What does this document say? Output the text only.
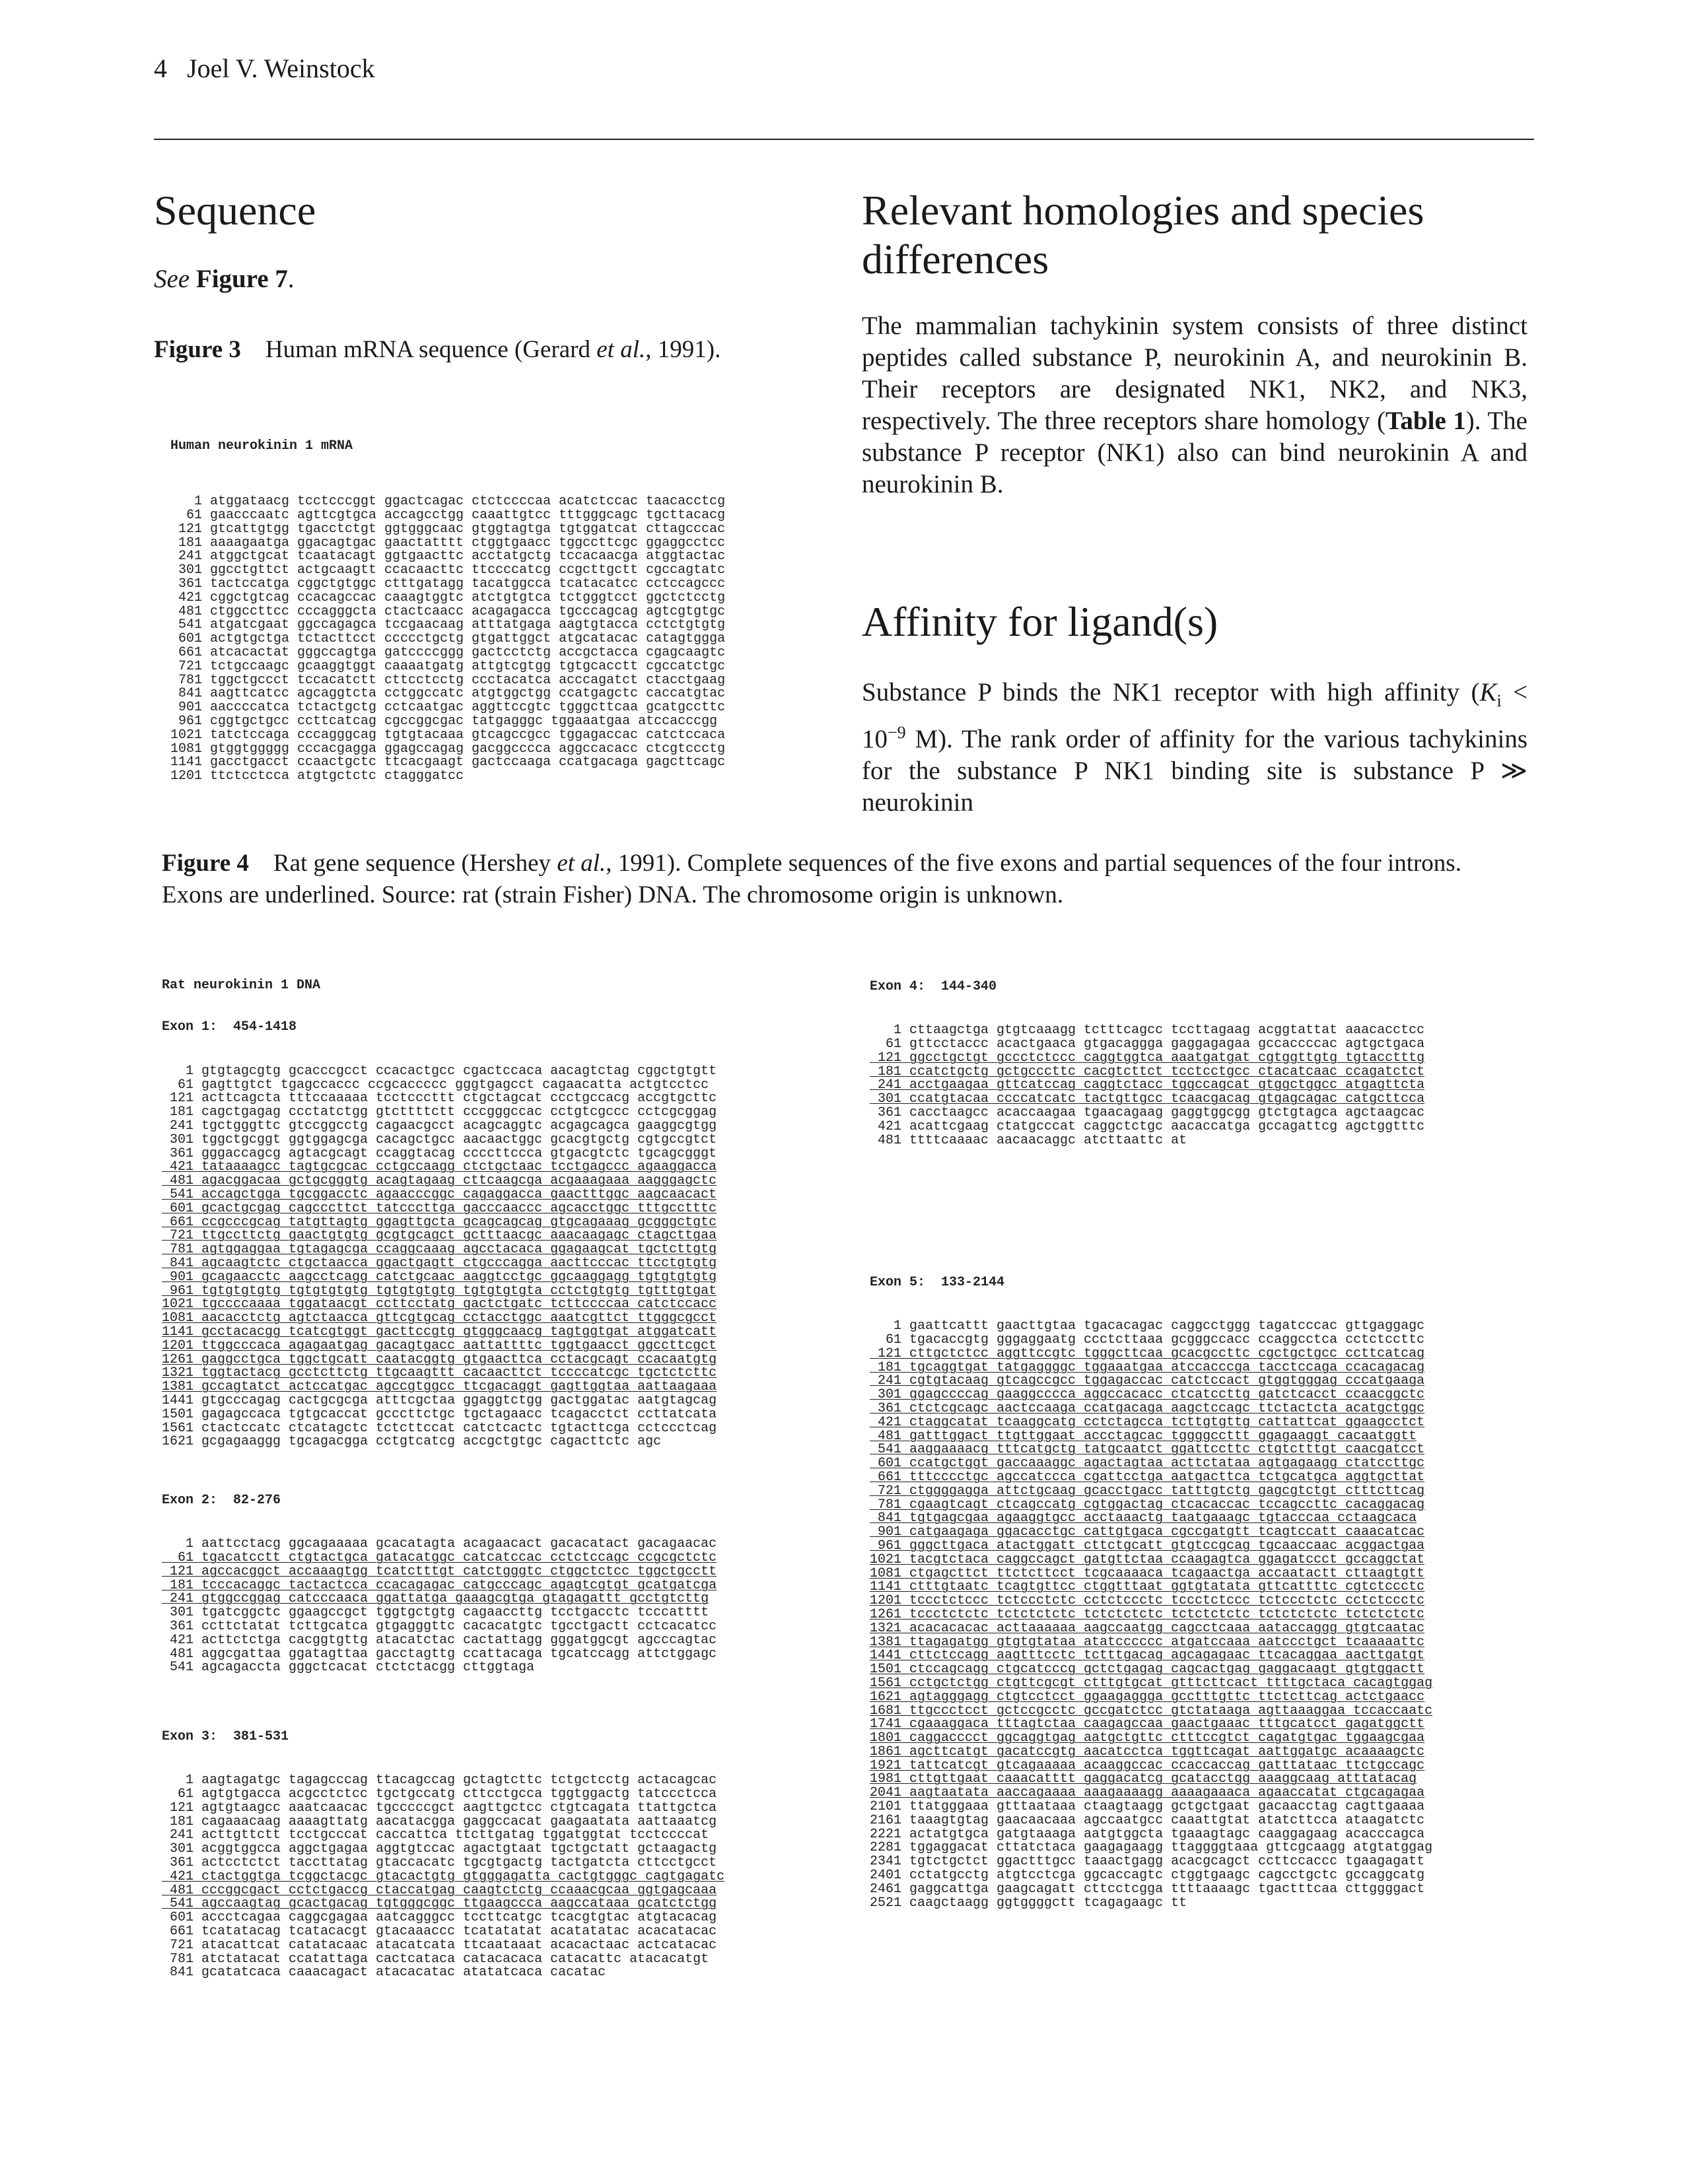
4   Joel V. Weinstock
Sequence
See Figure 7.
Figure 3 Human mRNA sequence (Gerard et al., 1991).

Human neurokinin 1 mRNA

1 atggataacg tcctcccggt ggactcagac ctctccccaa acatctccac taacacctcg
61 gaacccaatc agttcgtgca accagcctgg caaattgtcc tttgggcagc tgcttacacg
121 gtcattgtgg tgacctctgt ggtgggcaac gtggtagtga tgtggatcat cttagcccac
181 aaaagaatga ggacagtgac gaactatttt ctggtgaacc tggccttcgc ggaggcctcc
241 atggctgcat tcaatacagt ggtgaacttc acctatgctg tccacaacga atggtactac
301 ggcctgttct actgcaagtt ccacaacttc ttccccatcg ccgcttgctt cgccagtatc
361 tactccatga cggctgtggc ctttgatagg tacatggcca tcatacatcc cctccagccc
421 cggctgtcag ccacagccac caaagtggtc atctgtgtca tctgggtcct ggctctcctg
481 ctggccttcc cccagggcta ctactcaacc acagagacca tgcccagcag agtcgtgtgc
541 atgatcgaat ggccagagca tccgaacaag atttatgaga aagtgtacca cctctgtgtg
601 actgtgctga tctacttcct ccccctgctg gtgattggct atgcatacac catagtggga
661 atcacactat gggccagtga gatccccggg gactcctctg accgctacca cgagcaagtc
721 tctgccaagc gcaaggtggt caaaatgatg attgtcgtgg tgtgcacctt cgccatctgc
781 tggctgccct tccacatctt cttcctcctg ccctacatca acccagatct ctacctgaag
841 aagttcatcc agcaggtcta cctggccatc atgtggctgg ccatgagctc caccatgtac
901 aaccccatca tctactgctg cctcaatgac aggttccgtc tgggcttcaa gcatgccttc
961 cggtgctgcc ccttcatcag cgccggcgac tatgagggc tggaaatgaa atccacccgg
1021 tatctccaga cccagggcag tgtgtacaaa gtcagccgcc tggagaccac catctccaca
1081 gtggtggggg cccacgagga ggagccagag gacggcccca aggccacacc ctcgtccctg
1141 gacctgacct ccaactgctc ttcacgaagt gactccaaga ccatgacaga gagcttcagc
1201 ttctcctcca atgtgctctc ctagggatcc

Relevant homologies and species differences

The mammalian tachykinin system consists of three distinct peptides called substance P, neurokinin A, and neurokinin B. Their receptors are designated NK1, NK2, and NK3, respectively. The three receptors share homology (Table 1). The substance P receptor (NK1) also can bind neurokinin A and neurokinin B.

Affinity for ligand(s)

Substance P binds the NK1 receptor with high affinity ($K_i < 10^{-9}$ M). The rank order of affinity for the various tachykinins for the substance P NK1 binding site is substance P ≫ neurokinin

Figure 4 Rat gene sequence (Hershey et al., 1991). Complete sequences of the five exons and partial sequences of the four introns. Exons are underlined. Source: rat (strain Fisher) DNA. The chromosome origin is unknown.

Rat neurokinin 1 DNA

Exon 1:  454-1418

1 gtgtagcgtg gcacccgcct ccacactgcc cgactccaca aacagtctag cggctgtgtt
61 gagttgtct tgagccaccc ccgcaccccc gggtgagcct cagaacatta actgtcctcc
121 acttcagcta tttccaaaaa tcctcccttt ctgctagcat ccctgccacg accgtgcttc
181 cagctgagag ccctatctgg gtcttttctt cccgggccac cctgtcgccc cctcgcggag
241 tgctgggttc gtccggcctg cagaacgcct acagcaggtc acgagcagca gaaggcgtgg
301 tggctgcggt ggtggagcga cacagctgcc aacaactggc gcacgtgctg cgtgccgtct
361 gggaccagcg agtacgcagt ccaggtacag ccccttccca gtgacgtctc tgcagcgggt
421 tataaaagcc tagtgcgcac cctgccaagg ctctgctaac tcctgagccc agaaggacca
481 agacggacaa gctgcgggtg acagtagaag cttcaagcga acgaaagaaa aagggagctc
541 accagctgga tgcggacctc agaacccggc cagaggacca gaactttggc aagcaacact
601 gcactgcgag cagcccttct tatcccttga gacccaaccc agcacctggc tttgcctttc
661 ccgcccgcag tatgttagtg ggagttgcta gcagcagcag gtgcagaaag gcgggctgtc
721 ttgccttctg gaactgtgtg gcgtgcagct gctttaacgc aaacaagagc ctagcttgaa
781 agtggaggaa tgtagagcga ccaggcaaag agcctacaca ggagaagcat tgctcttgtg
841 agcaagtctc ctgctaacca ggactgagtt ctgcccagga aacttcccac ttcctgtgtg
901 gcagaacctc aagcctcagg catctgcaac aaggtcctgc ggcaaggagg tgtgtgtgtg
961 tgtgtgtgtg tgtgtgtgtg tgtgtgtgtg tgtgtgtgta cctctgtgtg tgtttgtgat
1021 tgccccaaaa tggataacgt ccttcctatg gactctgatc tcttccccaa catctccacc
1081 aacacctctg agtctaacca gttcgtgcag cctacctggc aaatcgttct ttgggcgcct
1141 gcctacacgg tcatcgtggt gacttccgtg gtgggcaacg tagtggtgat atggatcatt
1201 ttggcccaca agagaatgag gacagtgacc aattattttc tggtgaacct ggccttcgct
1261 gaggcctgca tggctgcatt caatacggtg gtgaacttca cctacgcagt ccacaatgtg
1321 tggtactacg gcctcttctg ttgcaagttt cacaacttct tccccatcgc tgctctcttc
1381 gccagtatct actccatgac agccgtggcc ttcgacaggt gagttggtaa aattaagaaa
1441 gtgcccagag cactgcgcga atttcgctaa ggaggtctgg gactggatac aatgtagcag
1501 gagagccaca tgtgcaccat gcccttctgc tgctagaacc tcagacctct ccttatcata
1561 ctactccatc ctcatagctc tctcttccat catctcactc tgtacttcga cctccctcag
1621 gcgagaaggg tgcagacgga cctgtcatcg accgctgtgc cagacttctc agc

Exon 2:  82-276

1 aattcctacg ggcagaaaaa gcacatagta acagaacact gacacatact gacagaacac
61 tgacatcctt ctgtactgca gatacatggc catcatccac cctctccagc ccgcgctctc
121 agccacggct accaaagtgg tcatctttgt catctgggtc ctggctctcc tggctgcctt
181 tcccacaggc tactactcca ccacagagac catgcccagc agagtcgtgt gcatgatcga
241 gtggccggag catcccaaca ggattatga gaaagcgtga gtagagattt gcctgtcttg
301 tgatcggctc ggaagccgct tggtgctgtg cagaaccttg tcctgacctc tcccatttt
361 ccttctatat tcttgcatca gtgagggttc cacacatgtc tgcctgactt cctcacatcc
421 acttctctga cacggtgttg atacatctac cactattagg gggatggcgt agcccagtac
481 aggcgattaa ggatagttaa gacctagttg ccattacaga tgcatccagg attctggagc
541 agcagaccta gggctcacat ctctctacgg cttggtaga

Exon 3:  381-531

1 aagtagatgc tagagcccag ttacagccag gctagtcttc tctgctcctg actacagcac
61 agtgtgacca acgcctctcc tgctgccatg cttcctgcca tggtggactg tatccctcca
121 agtgtaagcc aaatcaacac tgcccccgct aagttgctcc ctgtcagata ttattgctca
181 cagaaacaag aaaagttatg aacatacgga gaggccacat gaagaatata aattaaatcg
241 acttgttctt tcctgcccat caccattca ttcttgatag tggatggtat tcctccccat
301 acggtggcca aggctgagaa aggtgtccac agactgtaat tgctgctatt gctaagactg
361 actcctctct taccttatag gtaccacatc tgcgtgactg tactgatcta cttcctgcct
421 ctactggtga tcggctacgc gtacactgtg gtgggagatta cactgtgggc cagtgagatc
481 cccggcgact cctctgaccg ctaccatgag caagtctctg ccaaacgcaa ggtgagcaaa
541 agccaagtag gcactgacag tgtgggcggc ttgaagccca aagccataaa gcatctctgg
601 accctcagaa caggcgagaa aatcagggcc tccttcatgc tcacgtgtac atgtacacag
661 tcatatacag tcatacacgt gtacaaaccc tcatatatat acatatatac acacatacac
721 atacattcat catatacaac atacatcata ttcaataaat acacactaac actcatacac
781 atctatacat ccatattaga cactcataca catacacaca catacattc atacacatgt
841 gcatatcaca caaacagact atacacatac atatatcaca cacatac

Exon 4:  144-340

1 cttaagctga gtgtcaaagg tctttcagcc tccttagaag acggtattat aaacacctcc
61 gttcctaccc acactgaaca gtgacaggga gaggagagaa gccaccccac agtgctgaca
121 ggcctgctgt gccctctccc caggtggtca aaatgatgat cgtggttgtg tgtacctttg
181 ccatctgctg gctgcccttc cacgtcttct tcctcctgcc ctacatcaac ccagatctct
241 acctgaagaa gttcatccag caggtctacc tggccagcat gtggctggcc atgagttcta
301 ccatgtacaa ccccatcatc tactgttgcc tcaacgacag gtgagcagac catgcttcca
361 cacctaagcc acaccaagaa tgaacagaag gaggtggcgg gtctgtagca agctaagcac
421 acattcgaag ctatgcccat caggctctgc aacaccatga gccagattcg agctggtttc
481 ttttcaaaac aacaacaggc atcttaattc at

Exon 5:  133-2144

1 gaattcattt gaacttgtaa tgacacagac caggcctggg tagatcccac gttgaggagc
61 tgacaccgtg gggaggaatg ccctcttaaa gcgggccacc ccaggcctca cctctccttc
121 cttgctctcc aggttccgtc tgggcttcaa gcacgccttc cgctgctgcc ccttcatcag
181 tgcaggtgat tatgaggggc tggaaatgaa atccacccga tacctccaga ccacagacag
241 cgtgtacaag gtcagccgcc tggagaccac catctccact gtggtgggag cccatgaaga
301 ggagccccag gaaggcccca aggccacacc ctcatccttg gatctcacct ccaacggctc
361 ctctcgcagc aactccaaga ccatgacaga aagctccagc ttctactcta acatgctggc
421 ctaggcatat tcaaggcatg cctctagcca tcttgtgttg cattattcat ggaagcctct
481 gatttggact ttgttggaat accctagcac tggggccttt ggagaaggt cacaatggtt
541 aaggaaaacg tttcatgctg tatgcaatct ggattccttc ctgtctttgt caacgatcct
601 ccatgctggt gaccaaaggc agactagtaa acttctataa agtgagaagg ctatccttgc
661 tttcccctgc agccatccca cgattcctga aatgacttca tctgcatgca aggtgcttat
721 ctggggagga attctgcaag gcacctgacc tatttgtctg gagcgtctgt ctttcttcag
781 cgaagtcagt ctcagccatg cgtggactag ctcacaccac tccagccttc cacaggacag
841 tgtgagcgaa agaaggtgcc acctaaactg taatgaaagc tgtacccaa cctaagcaca
901 catgaagaga ggacacctgc cattgtgaca cgccgatgtt tcagtccatt caaacatcac
961 gggcttgaca atactggatt cttctgcatt gtgtccgcag tgcaaccaac acggactgaa
1021 tacgtctaca caggccagct gatgttctaa ccaagagtca ggagatccct gccaggctat
1081 ctgagcttct ttctcttcct tcgcaaaaca tcagaactga accaatactt cttaagtgtt
1141 ctttgtaatc tcagtgttcc ctggtttaat ggtgtatata gttcattttc cgtctccctc
1201 tccctctccc tctccctctc cctctccctc tccctctccc tctccctctc cctctccctc
1261 tccctctctc tctctctctc tctctctctc tctctctctc tctctctctc tctctctctc
1321 acacacacac acttaaaaaa aagccaatgg cagcctcaaa aataccaggg gtgtcaatac
1381 ttagagatgg gtgtgtataa atatcccccc atgatccaaa aatccctgct tcaaaaattc
1441 cttctccagg aagtttcctc tctttgacag agcagagaac ttcacaggaa aacttgatgt
1501 ctccagcagg ctgcatcccg gctctgagag cagcactgag gaggacaagt gtgtggactt
1561 cctgctctgg ctgttcgcgt ctttgtgcat gtttcttcact ttttgctaca cacagtggag
1621 agtagggagg ctgtcctcct ggaagaggga gcctttgttc ttctcttcag actctgaacc
1681 ttgccctcct gctccgcctc gccgatctcc gtctataaga agttaaaggaa tccaccaatc
1741 cgaaaggaca tttagtctaa caagagccaa gaactgaaac tttgcatcct gagatggctt
1801 caggacccct ggcaggtgag aatgctgttc ctttccgtct cagatgtgac tggaagcgaa
1861 agcttcatgt gacatccgtg aacatcctca tggttcagat aattggatgc acaaaagctc
1921 tattcatcgt gtcagaaaaa acaaggccac ccaccaccag gatttataac ttctgccagc
1981 cttgttgaat caaacatttt gaggacatcg gcatacctgg aaaggcaag atttatacag
2041 aagtaatata aaccagaaaa aaagaaaagg aaaagaaaca agaaccatat ctgcagagaa
2101 ttatgggaaa gtttaataaa ctaagtaagg gctgctgaat gacaacctag cagttgaaaa
2161 taaagtgtag gaacaacaaa agccaatgcc caaattgtat atatcttcca ataagatctc
2221 actatgtgca gatgtaaaga aatgtggcta tgaaagtagc caaggagaag acacccagca
2281 tggaggacat cttatctaca gaagagaagg ttaggggtaaa gttcgcaagg atgtatggag
2341 tgtctgctct ggactttgcc taaactgagg acacgcagct ccttccaccc tgaagagatt
2401 cctatgcctg atgtcctcga ggcaccagtc ctggtgaagc cagcctgctc gccaggcatg
2461 gaggcattga gaagcagatt cttcctcgga ttttaaaagc tgactttcaa cttggggact
2521 caagctaagg ggtggggctt tcagagaagc tt
